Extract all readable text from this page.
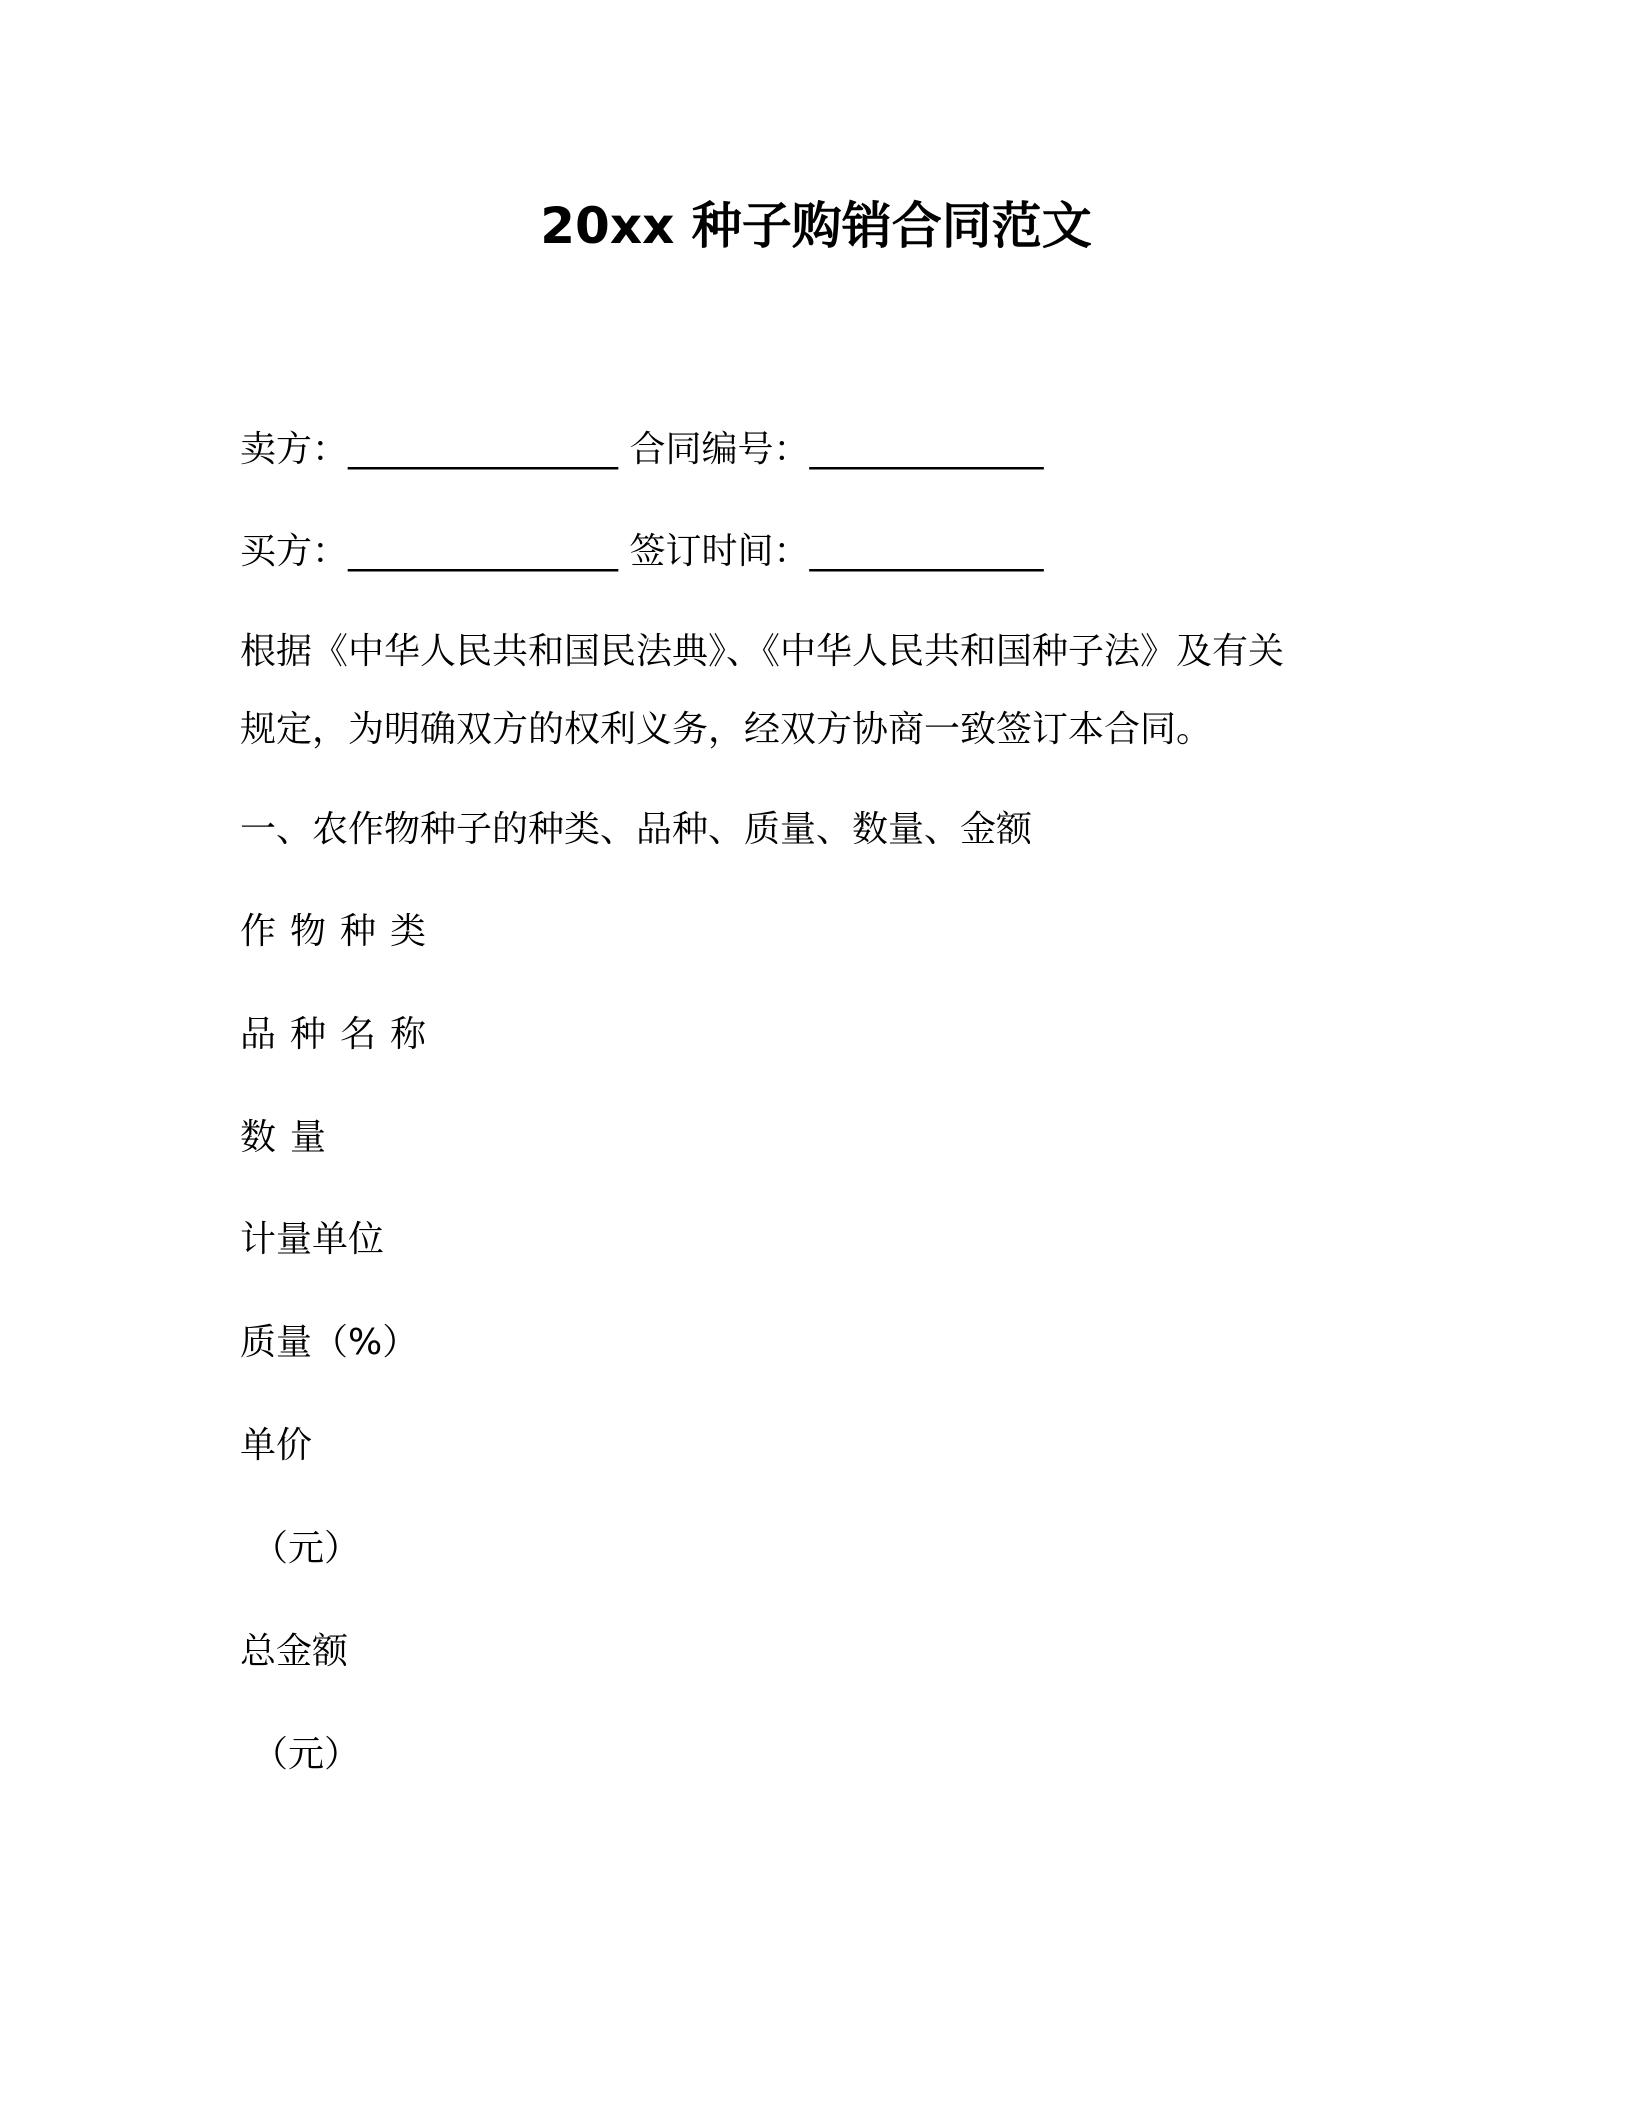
20xx 种子购销合同范文
卖方：_______________ 合同编号：_____________
买方：_______________ 签订时间：_____________
根据《中华人民共和国民法典》、《中华人民共和国种子法》及有关
规定，为明确双方的权利义务，经双方协商一致签订本合同。
一、农作物种子的种类、品种、质量、数量、金额
作物种类
品种名称
数量
计量单位
质量（%）
单价
（元）
总金额
（元）
